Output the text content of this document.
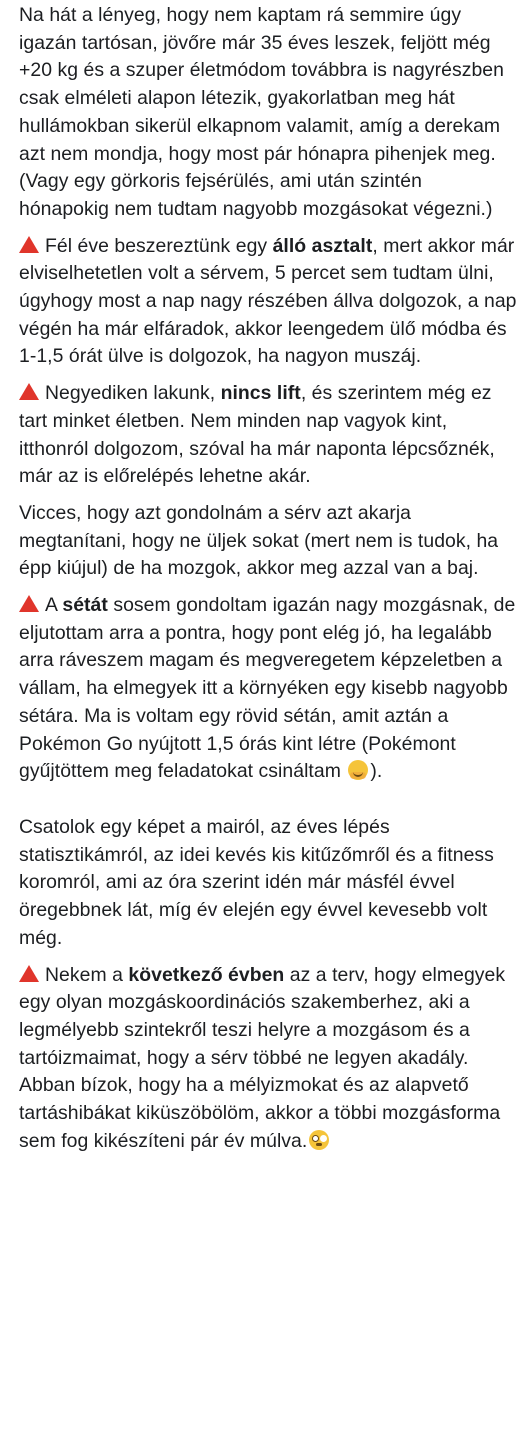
Na hát a lényeg, hogy nem kaptam rá semmire úgy igazán tartósan, jövőre már 35 éves leszek, feljött még +20 kg és a szuper életmódom továbbra is nagyrészben csak elméleti alapon létezik, gyakorlatban meg hát hullámokban sikerül elkapnom valamit, amíg a derekam azt nem mondja, hogy most pár hónapra pihenjek meg. (Vagy egy görkoris fejsérülés, ami után szintén hónapokig nem tudtam nagyobb mozgásokat végezni.)

Fél éve beszereztünk egy álló asztalt, mert akkor már elviselhetetlen volt a sérvem, 5 percet sem tudtam ülni, úgyhogy most a nap nagy részében állva dolgozok, a nap végén ha már elfáradok, akkor leengedem ülő módba és 1-1,5 órát ülve is dolgozok, ha nagyon muszáj.

Negyediken lakunk, nincs lift, és szerintem még ez tart minket életben. Nem minden nap vagyok kint, itthonról dolgozom, szóval ha már naponta lépcsőznék, már az is előrelépés lehetne akár.

Vicces, hogy azt gondolnám a sérv azt akarja megtanítani, hogy ne üljek sokat (mert nem is tudok, ha épp kiújul) de ha mozgok, akkor meg azzal van a baj.

A sétát sosem gondoltam igazán nagy mozgásnak, de eljutottam arra a pontra, hogy pont elég jó, ha legalább arra ráveszem magam és megveregetem képzeletben a vállam, ha elmegyek itt a környéken egy kisebb nagyobb sétára. Ma is voltam egy rövid sétán, amit aztán a Pokémon Go nyújtott 1,5 órás kint létre (Pokémont gyűjtöttem meg feladatokat csináltam ).

Csatolok egy képet a mairól, az éves lépés statisztikámról, az idei kevés kis kitűzőmről és a fitness koromról, ami az óra szerint idén már másfél évvel öregebbnek lát, míg év elején egy évvel kevesebb volt még.

Nekem a következő évben az a terv, hogy elmegyek egy olyan mozgáskoordinációs szakemberhez, aki a legmélyebb szintekről teszi helyre a mozgásom és a tartóizmaimat, hogy a sérv többé ne legyen akadály. Abban bízok, hogy ha a mélyizmokat és az alapvető tartáshibákat kiküszöbölöm, akkor a többi mozgásforma sem fog kikészíteni pár év múlva.
